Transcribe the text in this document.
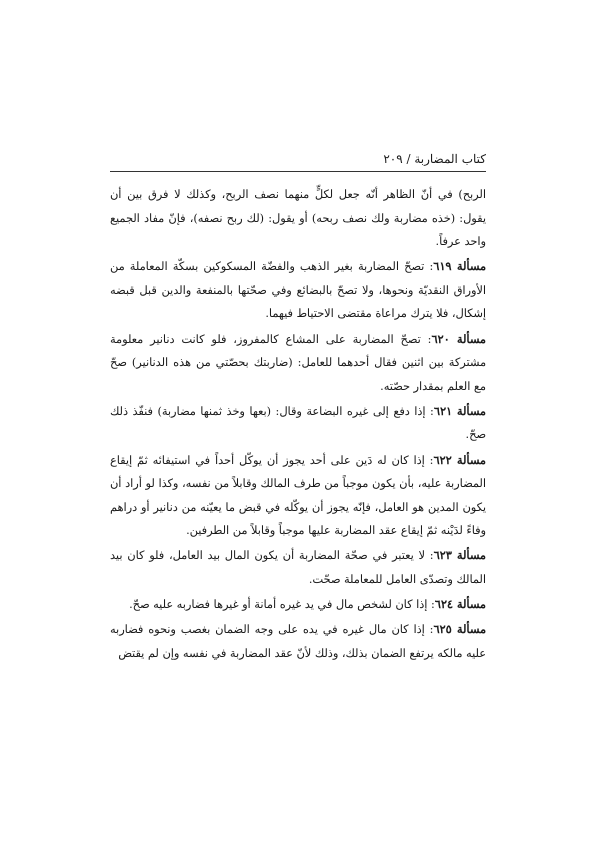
كتاب المضاربة / ٢٠٩

الربح) في أنّ الظاهر أنّه جعل لكلٍّ منهما نصف الربح، وكذلك لا فرق بين أن يقول: (خذه مضاربة ولك نصف ربحه) أو يقول: (لك ربح نصفه)، فإنّ مفاد الجميع واحد عرفاً.

مسألة ٦١٩: تصحّ المضاربة بغير الذهب والفضّة المسكوكين بسكّة المعاملة من الأوراق النقديّة ونحوها، ولا تصحّ بالبضائع وفي صحّتها بالمنفعة والدين قبل قبضه إشكال، فلا يترك مراعاة مقتضى الاحتياط فيهما.

مسألة ٦٢٠: تصحّ المضاربة على المشاع كالمفروز، فلو كانت دنانير معلومة مشتركة بين اثنين فقال أحدهما للعامل: (ضاربتك بحصّتي من هذه الدنانير) صحّ مع العلم بمقدار حصّته.

مسألة ٦٢١: إذا دفع إلى غيره البضاعة وقال: (بعها وخذ ثمنها مضاربة) فنفّذ ذلك صحّ.

مسألة ٦٢٢: إذا كان له دَين على أحد يجوز أن يوكّل أحداً في استيفائه ثمّ إيقاع المضاربة عليه، بأن يكون موجباً من طرف المالك وقابلاً من نفسه، وكذا لو أراد أن يكون المدين هو العامل، فإنّه يجوز أن يوكّله في قبض ما يعيّنه من دنانير أو دراهم وفاءً لدَيْنه ثمّ إيقاع عقد المضاربة عليها موجباً وقابلاً من الطرفين.

مسألة ٦٢٣: لا يعتبر في صحّة المضاربة أن يكون المال بيد العامل، فلو كان بيد المالك وتصدّى العامل للمعاملة صحّت.

مسألة ٦٢٤: إذا كان لشخص مال في يد غيره أمانة أو غيرها فضاربه عليه صحّ.

مسألة ٦٢٥: إذا كان مال غيره في يده على وجه الضمان بغصب ونحوه فضاربه عليه مالكه يرتفع الضمان بذلك، وذلك لأنّ عقد المضاربة في نفسه وإن لم يقتض
